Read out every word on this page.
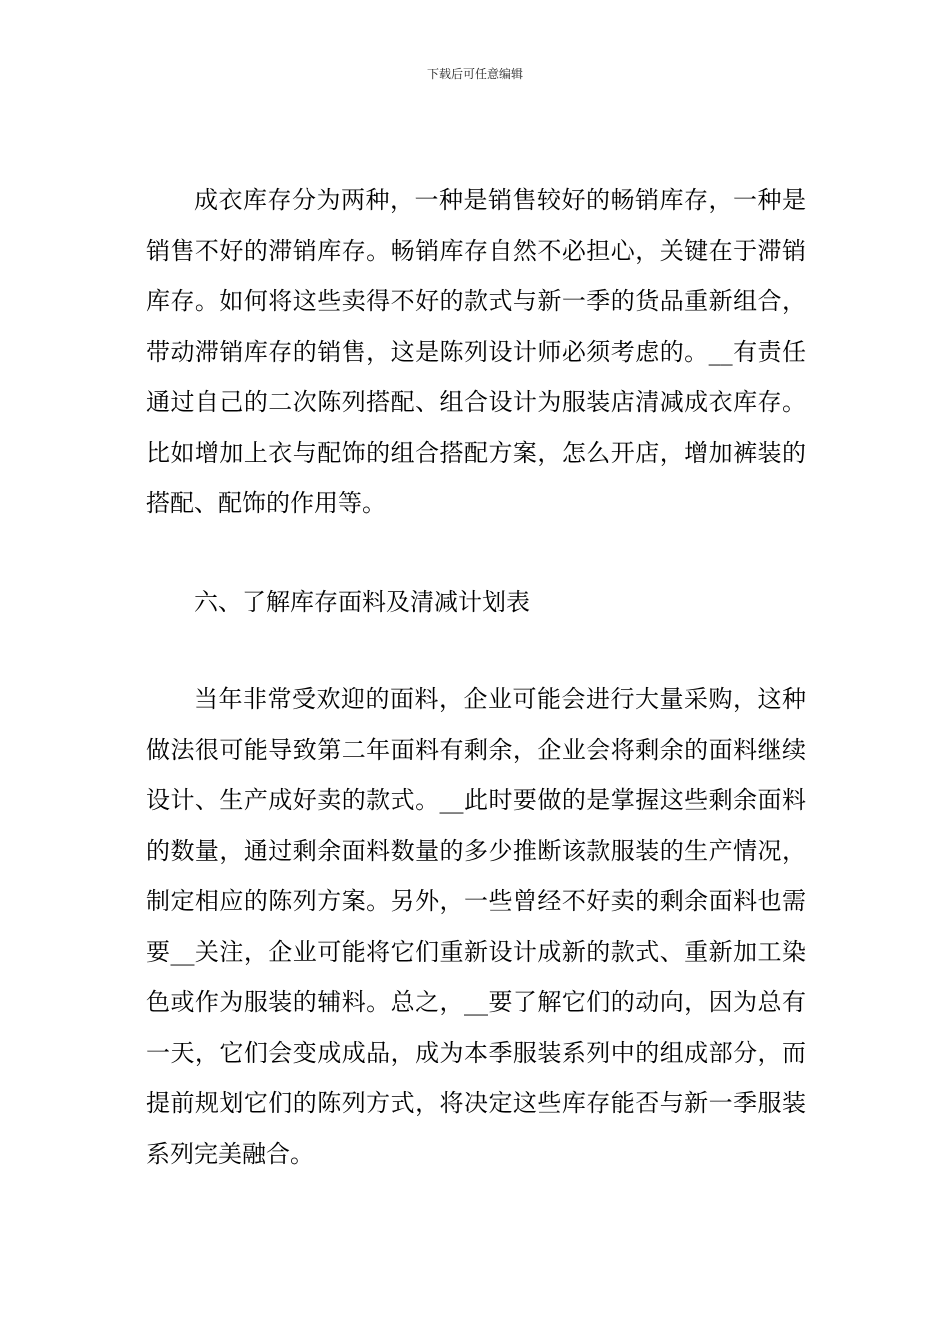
下载后可任意编辑

成衣库存分为两种，一种是销售较好的畅销库存，一种是销售不好的滞销库存。畅销库存自然不必担心，关键在于滞销库存。如何将这些卖得不好的款式与新一季的货品重新组合，带动滞销库存的销售，这是陈列设计师必须考虑的。__有责任通过自己的二次陈列搭配、组合设计为服装店清减成衣库存。比如增加上衣与配饰的组合搭配方案，怎么开店，增加裤装的搭配、配饰的作用等。

六、了解库存面料及清减计划表

当年非常受欢迎的面料，企业可能会进行大量采购，这种做法很可能导致第二年面料有剩余，企业会将剩余的面料继续设计、生产成好卖的款式。__此时要做的是掌握这些剩余面料的数量，通过剩余面料数量的多少推断该款服装的生产情况，制定相应的陈列方案。另外，一些曾经不好卖的剩余面料也需要__关注，企业可能将它们重新设计成新的款式、重新加工染色或作为服装的辅料。总之，__要了解它们的动向，因为总有一天，它们会变成成品，成为本季服装系列中的组成部分，而提前规划它们的陈列方式，将决定这些库存能否与新一季服装系列完美融合。
